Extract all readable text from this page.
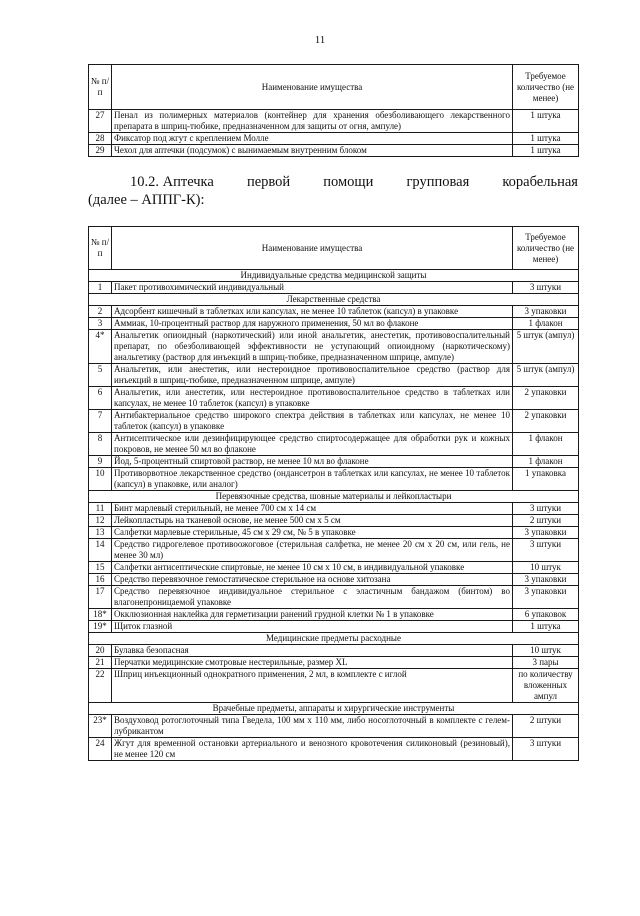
11
№ п/п	Наименование имущества	Требуемое количество (не менее)
27	Пенал из полимерных материалов (контейнер для хранения обезболивающего лекарственного препарата в шприц-тюбике, предназначенном для защиты от огня, ампуле)	1 штука
28	Фиксатор под жгут с креплением Молле	1 штука
29	Чехол для аптечки (подсумок) с вынимаемым внутренним блоком	1 штука
10.2. Аптечка первой помощи групповая корабельная
(далее – АППГ-К):
№ п/п	Наименование имущества	Требуемое количество (не менее)
Индивидуальные средства медицинской защиты		
1	Пакет противохимический индивидуальный	3 штуки
Лекарственные средства		
2	Адсорбент кишечный в таблетках или капсулах, не менее 10 таблеток (капсул) в упаковке	3 упаковки
3	Аммиак, 10-процентный раствор для наружного применения, 50 мл во флаконе	1 флакон
4*	Анальгетик опиоидный (наркотический) или иной анальгетик, анестетик, противовоспалительный препарат, по обезболивающей эффективности не уступающий опиоидному (наркотическому) анальгетику (раствор для инъекций в шприц-тюбике, предназначенном шприце, ампуле)	5 штук (ампул)
5	Анальгетик, или анестетик, или нестероидное противовоспалительное средство (раствор для инъекций в шприц-тюбике, предназначенном шприце, ампуле)	5 штук (ампул)
6	Анальгетик, или анестетик, или нестероидное противовоспалительное средство в таблетках или капсулах, не менее 10 таблеток (капсул) в упаковке	2 упаковки
7	Антибактериальное средство широкого спектра действия в таблетках или капсулах, не менее 10 таблеток (капсул) в упаковке	2 упаковки
8	Антисептическое или дезинфицирующее средство спиртосодержащее для обработки рук и кожных покровов, не менее 50 мл во флаконе	1 флакон
9	Йод, 5-процентный спиртовой раствор, не менее 10 мл во флаконе	1 флакон
10	Противорвотное лекарственное средство (ондансетрон в таблетках или капсулах, не менее 10 таблеток (капсул) в упаковке, или аналог)	1 упаковка
Перевязочные средства, шовные материалы и лейкопластыри		
11	Бинт марлевый стерильный, не менее 700 см х 14 см	3 штуки
12	Лейкопластырь на тканевой основе, не менее 500 см х 5 см	2 штуки
13	Салфетки марлевые стерильные, 45 см х 29 см, № 5 в упаковке	3 упаковки
14	Средство гидрогелевое противоожоговое (стерильная салфетка, не менее 20 см х 20 см, или гель, не менее 30 мл)	3 штуки
15	Салфетки антисептические спиртовые, не менее 10 см х 10 см, в индивидуальной упаковке	10 штук
16	Средство перевязочное гемостатическое стерильное на основе хитозана	3 упаковки
17	Средство перевязочное индивидуальное стерильное с эластичным бандажом (бинтом) во влагонепроницаемой упаковке	3 упаковки
18*	Окклюзионная наклейка для герметизации ранений грудной клетки № 1 в упаковке	6 упаковок
19*	Щиток глазной	1 штука
Медицинские предметы расходные		
20	Булавка безопасная	10 штук
21	Перчатки медицинские смотровые нестерильные, размер XL	3 пары
22	Шприц инъекционный однократного применения, 2 мл, в комплекте с иглой	по количеству вложенных ампул
Врачебные предметы, аппараты и хирургические инструменты		
23*	Воздуховод ротоглоточный типа Гведела, 100 мм х 110 мм, либо носоглоточный в комплекте с гелем-лубрикантом	2 штуки
24	Жгут для временной остановки артериального и венозного кровотечения силиконовый (резиновый), не менее 120 см	3 штуки
